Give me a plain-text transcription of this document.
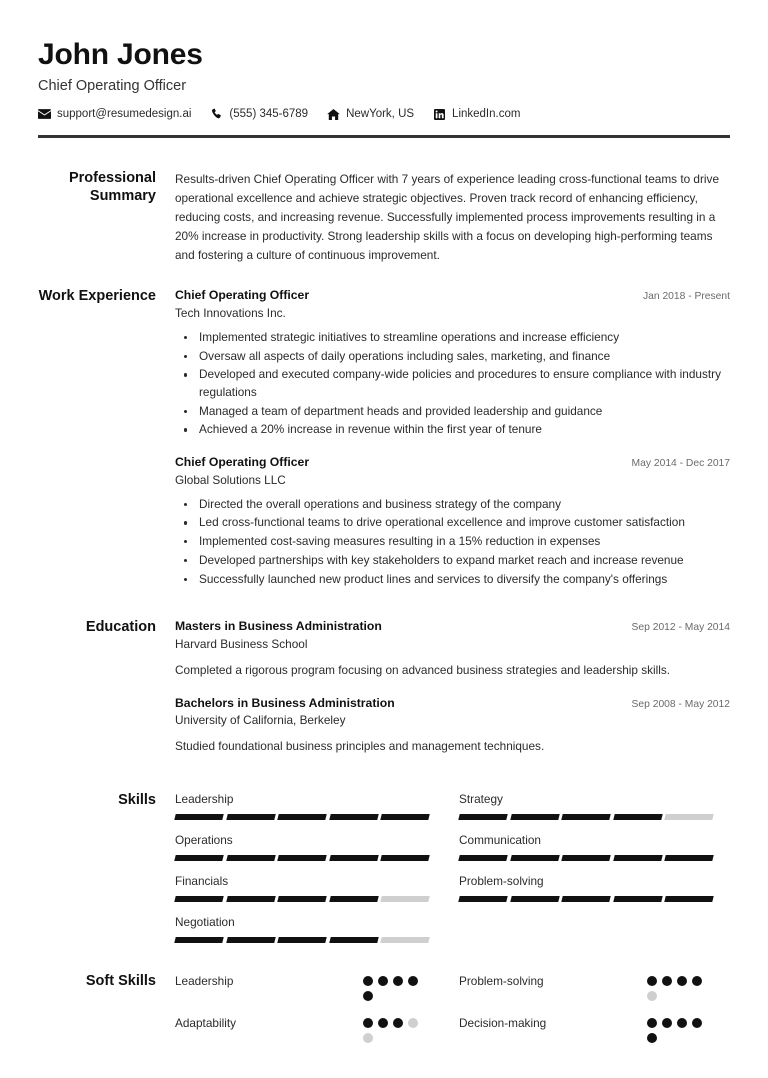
John Jones
Chief Operating Officer
support@resumedesign.ai	(555) 345-6789	NewYork, US	LinkedIn.com
Professional Summary
Results-driven Chief Operating Officer with 7 years of experience leading cross-functional teams to drive operational excellence and achieve strategic objectives. Proven track record of enhancing efficiency, reducing costs, and increasing revenue. Successfully implemented process improvements resulting in a 20% increase in productivity. Strong leadership skills with a focus on developing high-performing teams and fostering a culture of continuous improvement.
Work Experience	Chief Operating Officer	Jan 2018 - Present
Tech Innovations Inc.
Implemented strategic initiatives to streamline operations and increase efficiency
Oversaw all aspects of daily operations including sales, marketing, and finance
Developed and executed company-wide policies and procedures to ensure compliance with industry regulations
Managed a team of department heads and provided leadership and guidance
Achieved a 20% increase in revenue within the first year of tenure
Chief Operating Officer	May 2014 - Dec 2017
Global Solutions LLC
Directed the overall operations and business strategy of the company
Led cross-functional teams to drive operational excellence and improve customer satisfaction
Implemented cost-saving measures resulting in a 15% reduction in expenses
Developed partnerships with key stakeholders to expand market reach and increase revenue
Successfully launched new product lines and services to diversify the company's offerings
Education	Masters in Business Administration	Sep 2012 - May 2014
Harvard Business School
Completed a rigorous program focusing on advanced business strategies and leadership skills.
Bachelors in Business Administration	Sep 2008 - May 2012
University of California, Berkeley
Studied foundational business principles and management techniques.
Skills	Leadership
Operations
Financials
Negotiation
Strategy
Communication
Problem-solving
Soft Skills	Leadership
Adaptability
Problem-solving
Decision-making
